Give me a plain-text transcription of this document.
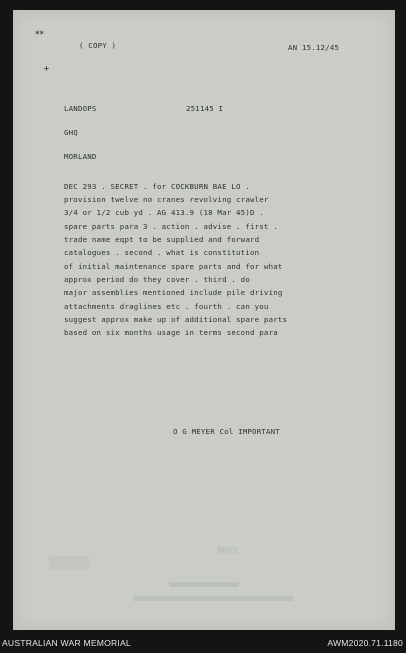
**
+
( COPY )	AN 15.12/45
LANDOPS	251145 I
GHQ
MORLAND
DEC 293 . SECRET . for COCKBURN BAE LO .
provision twelve no cranes revolving crawler
3/4 or 1/2 cub yd . AG 413.9 (18 Mar 45)D .
spare parts para 3 . action . advise . first .
trade name eqpt to be supplied and forward
catalogues . second . what is constitution
of initial maintenance spare parts and for what
approx period do they cover . third . do
major assemblies mentioned include pile driving
attachments draglines etc . fourth . can you
suggest approx make up of additional spare parts
based on six months usage in terms second para
O G MEYER Col IMPORTANT
8693
AUSTRALIAN WAR MEMORIAL	AWM2020.71.1180
